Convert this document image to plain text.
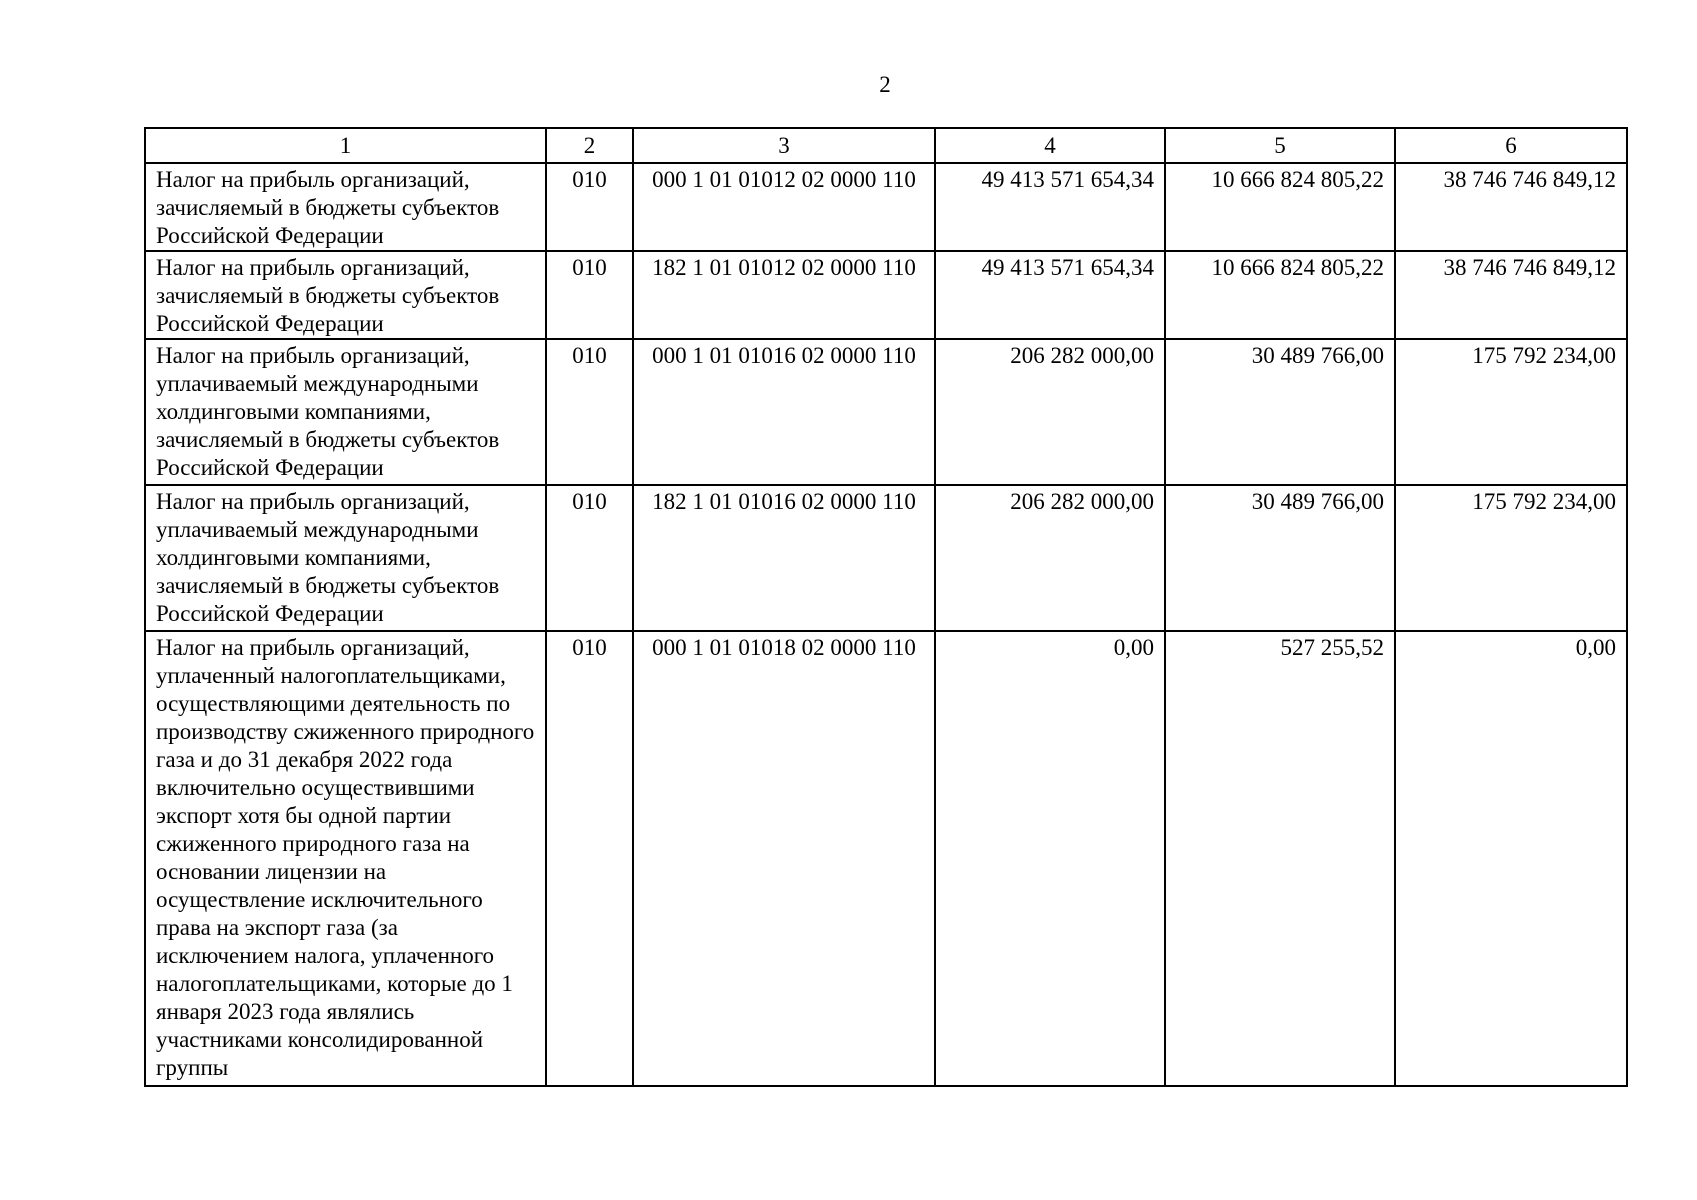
2
1	2	3	4	5	6
Налог на прибыль организаций, зачисляемый в бюджеты субъектов Российской Федерации	010	000 1 01 01012 02 0000 110	49 413 571 654,34	10 666 824 805,22	38 746 746 849,12
Налог на прибыль организаций, зачисляемый в бюджеты субъектов Российской Федерации	010	182 1 01 01012 02 0000 110	49 413 571 654,34	10 666 824 805,22	38 746 746 849,12
Налог на прибыль организаций, уплачиваемый международными холдинговыми компаниями, зачисляемый в бюджеты субъектов Российской Федерации	010	000 1 01 01016 02 0000 110	206 282 000,00	30 489 766,00	175 792 234,00
Налог на прибыль организаций, уплачиваемый международными холдинговыми компаниями, зачисляемый в бюджеты субъектов Российской Федерации	010	182 1 01 01016 02 0000 110	206 282 000,00	30 489 766,00	175 792 234,00
Налог на прибыль организаций, уплаченный налогоплательщиками, осуществляющими деятельность по производству сжиженного природного газа и до 31 декабря 2022 года включительно осуществившими экспорт хотя бы одной партии сжиженного природного газа на основании лицензии на осуществление исключительного права на экспорт газа (за исключением налога, уплаченного налогоплательщиками, которые до 1 января 2023 года являлись участниками консолидированной группы	010	000 1 01 01018 02 0000 110	0,00	527 255,52	0,00
